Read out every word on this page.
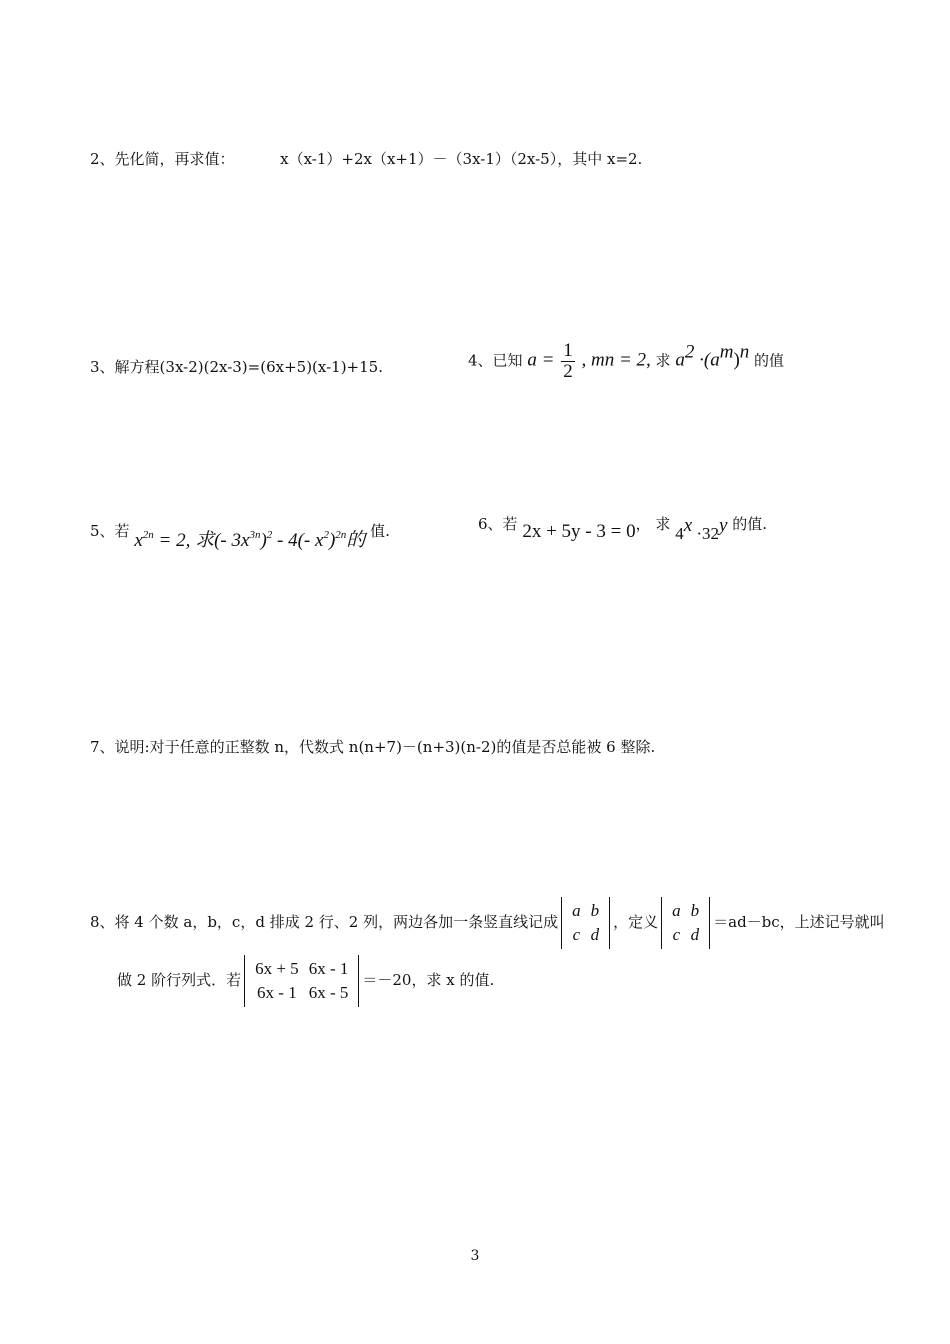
2、先化简，再求值：	x（x-1）+2x（x+1）－（3x-1）（2x-5），其中 x=2.
3、解方程(3x-2)(2x-3)=(6x+5)(x-1)+15.	4、已知 $a = \frac{1}{2}$ , mn = 2, 求 $a^2 \cdot(a^m)^n$ 的值
5、若 $x^{2n} = 2$, 求(- $3x^{3n})^2 - 4(-$ $x^2)^{2n}$的 值.	6、若 2x + 5y - 3 = 0， 求 $4^x \cdot 32^y$ 的值.
7、说明:对于任意的正整数 n，代数式 n(n+7)－(n+3)(n-2)的值是否总能被 6 整除.
8、将 4 个数 a，b，c，d 排成 2 行、2 列，两边各加一条竖直线记成
a	b
c	d
，定义
a	b
c	d
＝ad－bc，上述记号就叫
做 2 阶行列式．若
6x + 5	6x - 1
6x - 1	6x - 5
＝－20，求 x 的值.
3
